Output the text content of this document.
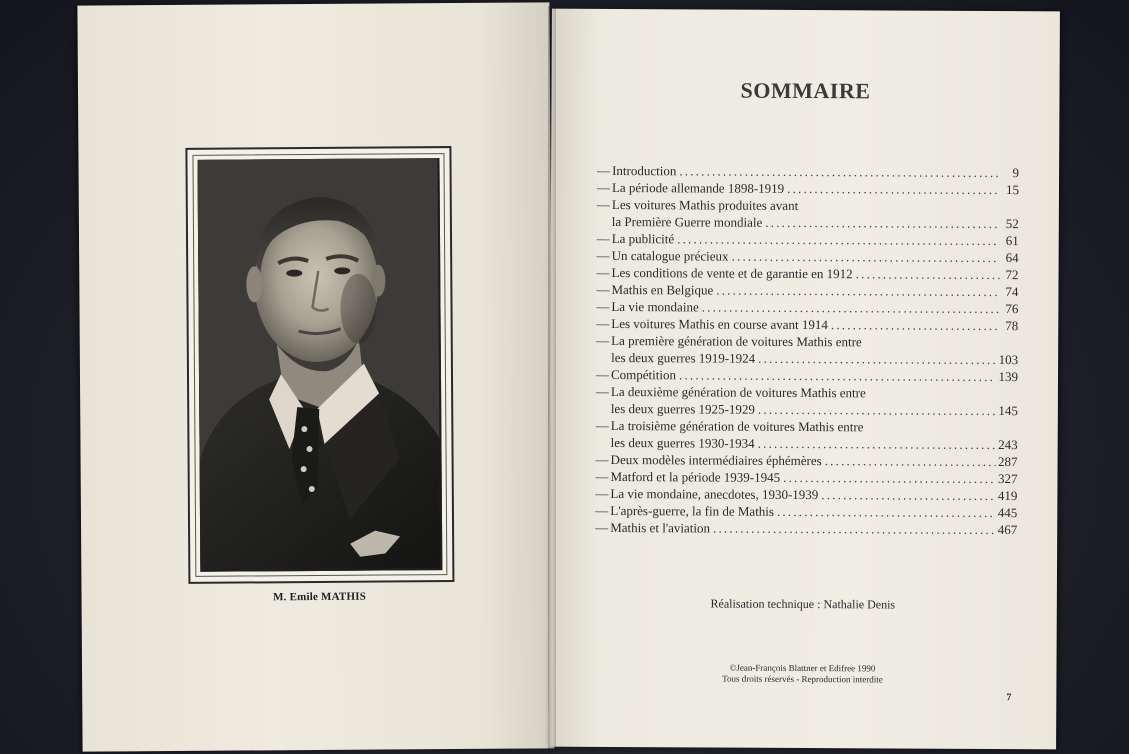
M. Emile MATHIS
SOMMAIRE
— Introduction .....	9
— La période allemande 1898-1919 .....	15
— Les voitures Mathis produites avant
la Première Guerre mondiale .....	52
— La publicité .....	61
— Un catalogue précieux .....	64
— Les conditions de vente et de garantie en 1912 .....	72
— Mathis en Belgique .....	74
— La vie mondaine .....	76
— Les voitures Mathis en course avant 1914 .....	78
— La première génération de voitures Mathis entre
les deux guerres 1919-1924 .....	103
— Compétition .....	139
— La deuxième génération de voitures Mathis entre
les deux guerres 1925-1929 .....	145
— La troisième génération de voitures Mathis entre
les deux guerres 1930-1934 .....	243
— Deux modèles intermédiaires éphémères .....	287
— Matford et la période 1939-1945 .....	327
— La vie mondaine, anecdotes, 1930-1939 .....	419
— L'après-guerre, la fin de Mathis .....	445
— Mathis et l'aviation .....	467
Réalisation technique : Nathalie Denis
©Jean-François Blattner et Edifree 1990
Tous droits réservés - Reproduction interdite
7
